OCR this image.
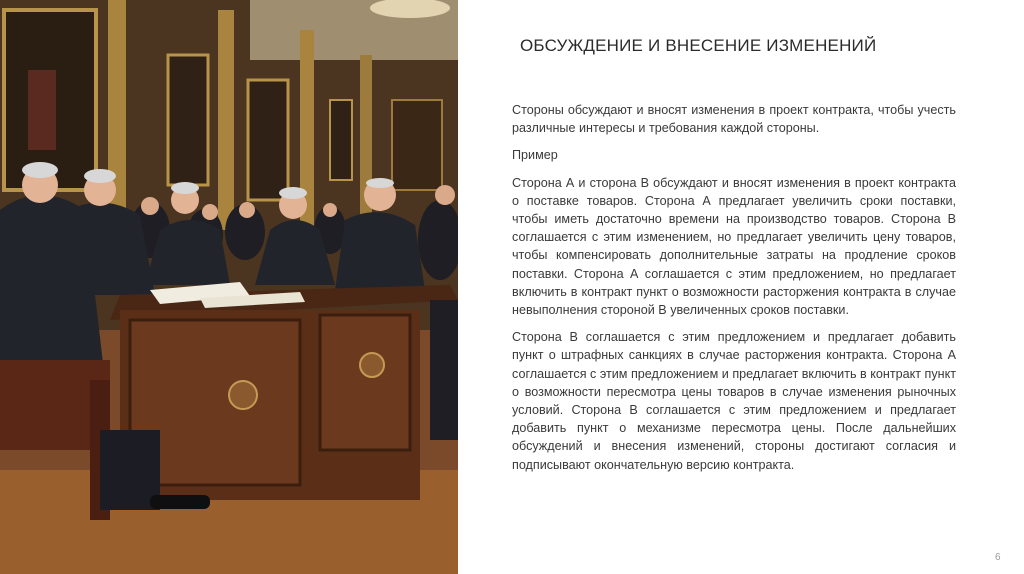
ОБСУЖДЕНИЕ И ВНЕСЕНИЕ ИЗМЕНЕНИЙ

Стороны обсуждают и вносят изменения в проект контракта, чтобы учесть различные интересы и требования каждой стороны.

Пример

Сторона А и сторона В обсуждают и вносят изменения в проект контракта о поставке товаров. Сторона А предлагает увеличить сроки поставки, чтобы иметь достаточно времени на производство товаров. Сторона В соглашается с этим изменением, но предлагает увеличить цену товаров, чтобы компенсировать дополнительные затраты на продление сроков поставки. Сторона А соглашается с этим предложением, но предлагает включить в контракт пункт о возможности расторжения контракта в случае невыполнения стороной В увеличенных сроков поставки.

Сторона В соглашается с этим предложением и предлагает добавить пункт о штрафных санкциях в случае расторжения контракта. Сторона А соглашается с этим предложением и предлагает включить в контракт пункт о возможности пересмотра цены товаров в случае изменения рыночных условий. Сторона В соглашается с этим предложением и предлагает добавить пункт о механизме пересмотра цены. После дальнейших обсуждений и внесения изменений, стороны достигают согласия и подписывают окончательную версию контракта.

6
